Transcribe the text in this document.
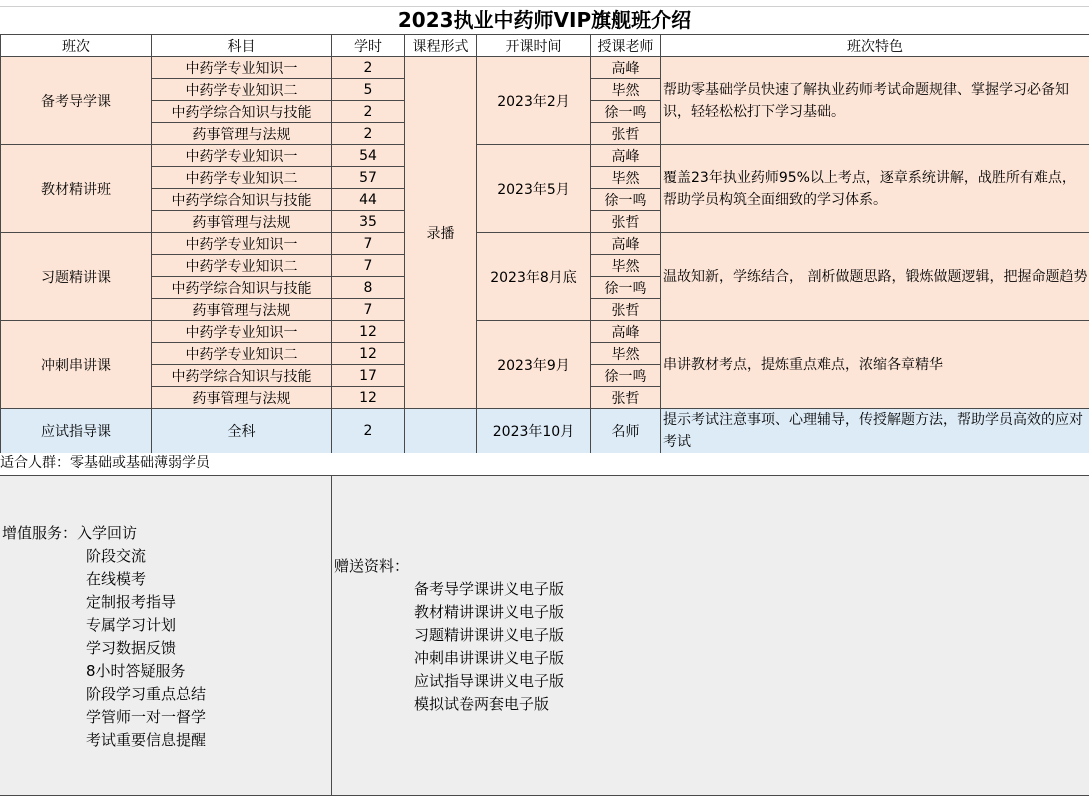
2023执业中药师VIP旗舰班介绍
班次	科目	学时	课程形式	开课时间	授课老师	班次特色
备考导学课	中药学专业知识一	2	录播	2023年2月	高峰	帮助零基础学员快速了解执业药师考试命题规律、掌握学习必备知识，轻轻松松打下学习基础。
	中药学专业知识二	5			毕然	
	中药学综合知识与技能	2			徐一鸣	
	药事管理与法规	2			张哲	
教材精讲班	中药学专业知识一	54		2023年5月	高峰	覆盖23年执业药师95%以上考点，逐章系统讲解，战胜所有难点，帮助学员构筑全面细致的学习体系。
	中药学专业知识二	57			毕然	
	中药学综合知识与技能	44			徐一鸣	
	药事管理与法规	35			张哲	
习题精讲课	中药学专业知识一	7		2023年8月底	高峰	温故知新，学练结合， 剖析做题思路，锻炼做题逻辑，把握命题趋势
	中药学专业知识二	7			毕然	
	中药学综合知识与技能	8			徐一鸣	
	药事管理与法规	7			张哲	
冲刺串讲课	中药学专业知识一	12		2023年9月	高峰	串讲教材考点，提炼重点难点，浓缩各章精华
	中药学专业知识二	12			毕然	
	中药学综合知识与技能	17			徐一鸣	
	药事管理与法规	12			张哲	
应试指导课	全科	2		2023年10月	名师	提示考试注意事项、心理辅导，传授解题方法，帮助学员高效的应对考试
适合人群：零基础或基础薄弱学员
增值服务：入学回访
阶段交流
在线模考
定制报考指导
专属学习计划
学习数据反馈
8小时答疑服务
阶段学习重点总结
学管师一对一督学
考试重要信息提醒
赠送资料：
备考导学课讲义电子版
教材精讲课讲义电子版
习题精讲课讲义电子版
冲刺串讲课讲义电子版
应试指导课讲义电子版
模拟试卷两套电子版
